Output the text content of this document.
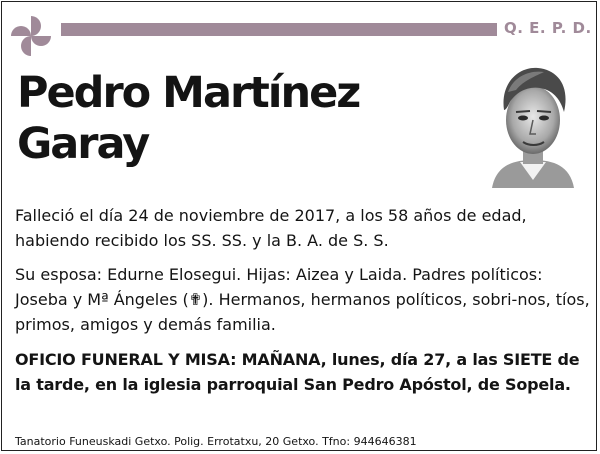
Q. E. P. D.
Pedro Martínez
Garay

Falleció el día 24 de noviembre de 2017, a los 58 años de edad, habiendo recibido los SS. SS. y la B. A. de S. S.

Su esposa: Edurne Elosegui. Hijas: Aizea y Laida. Padres políticos: Joseba y Mª Ángeles (✟). Hermanos, hermanos políticos, sobri-nos, tíos, primos, amigos y demás familia.

OFICIO FUNERAL Y MISA: MAÑANA, lunes, día 27, a las SIETE de la tarde, en la iglesia parroquial San Pedro Apóstol, de Sopela.

Tanatorio Funeuskadi Getxo. Polig. Errotatxu, 20 Getxo. Tfno: 944646381
